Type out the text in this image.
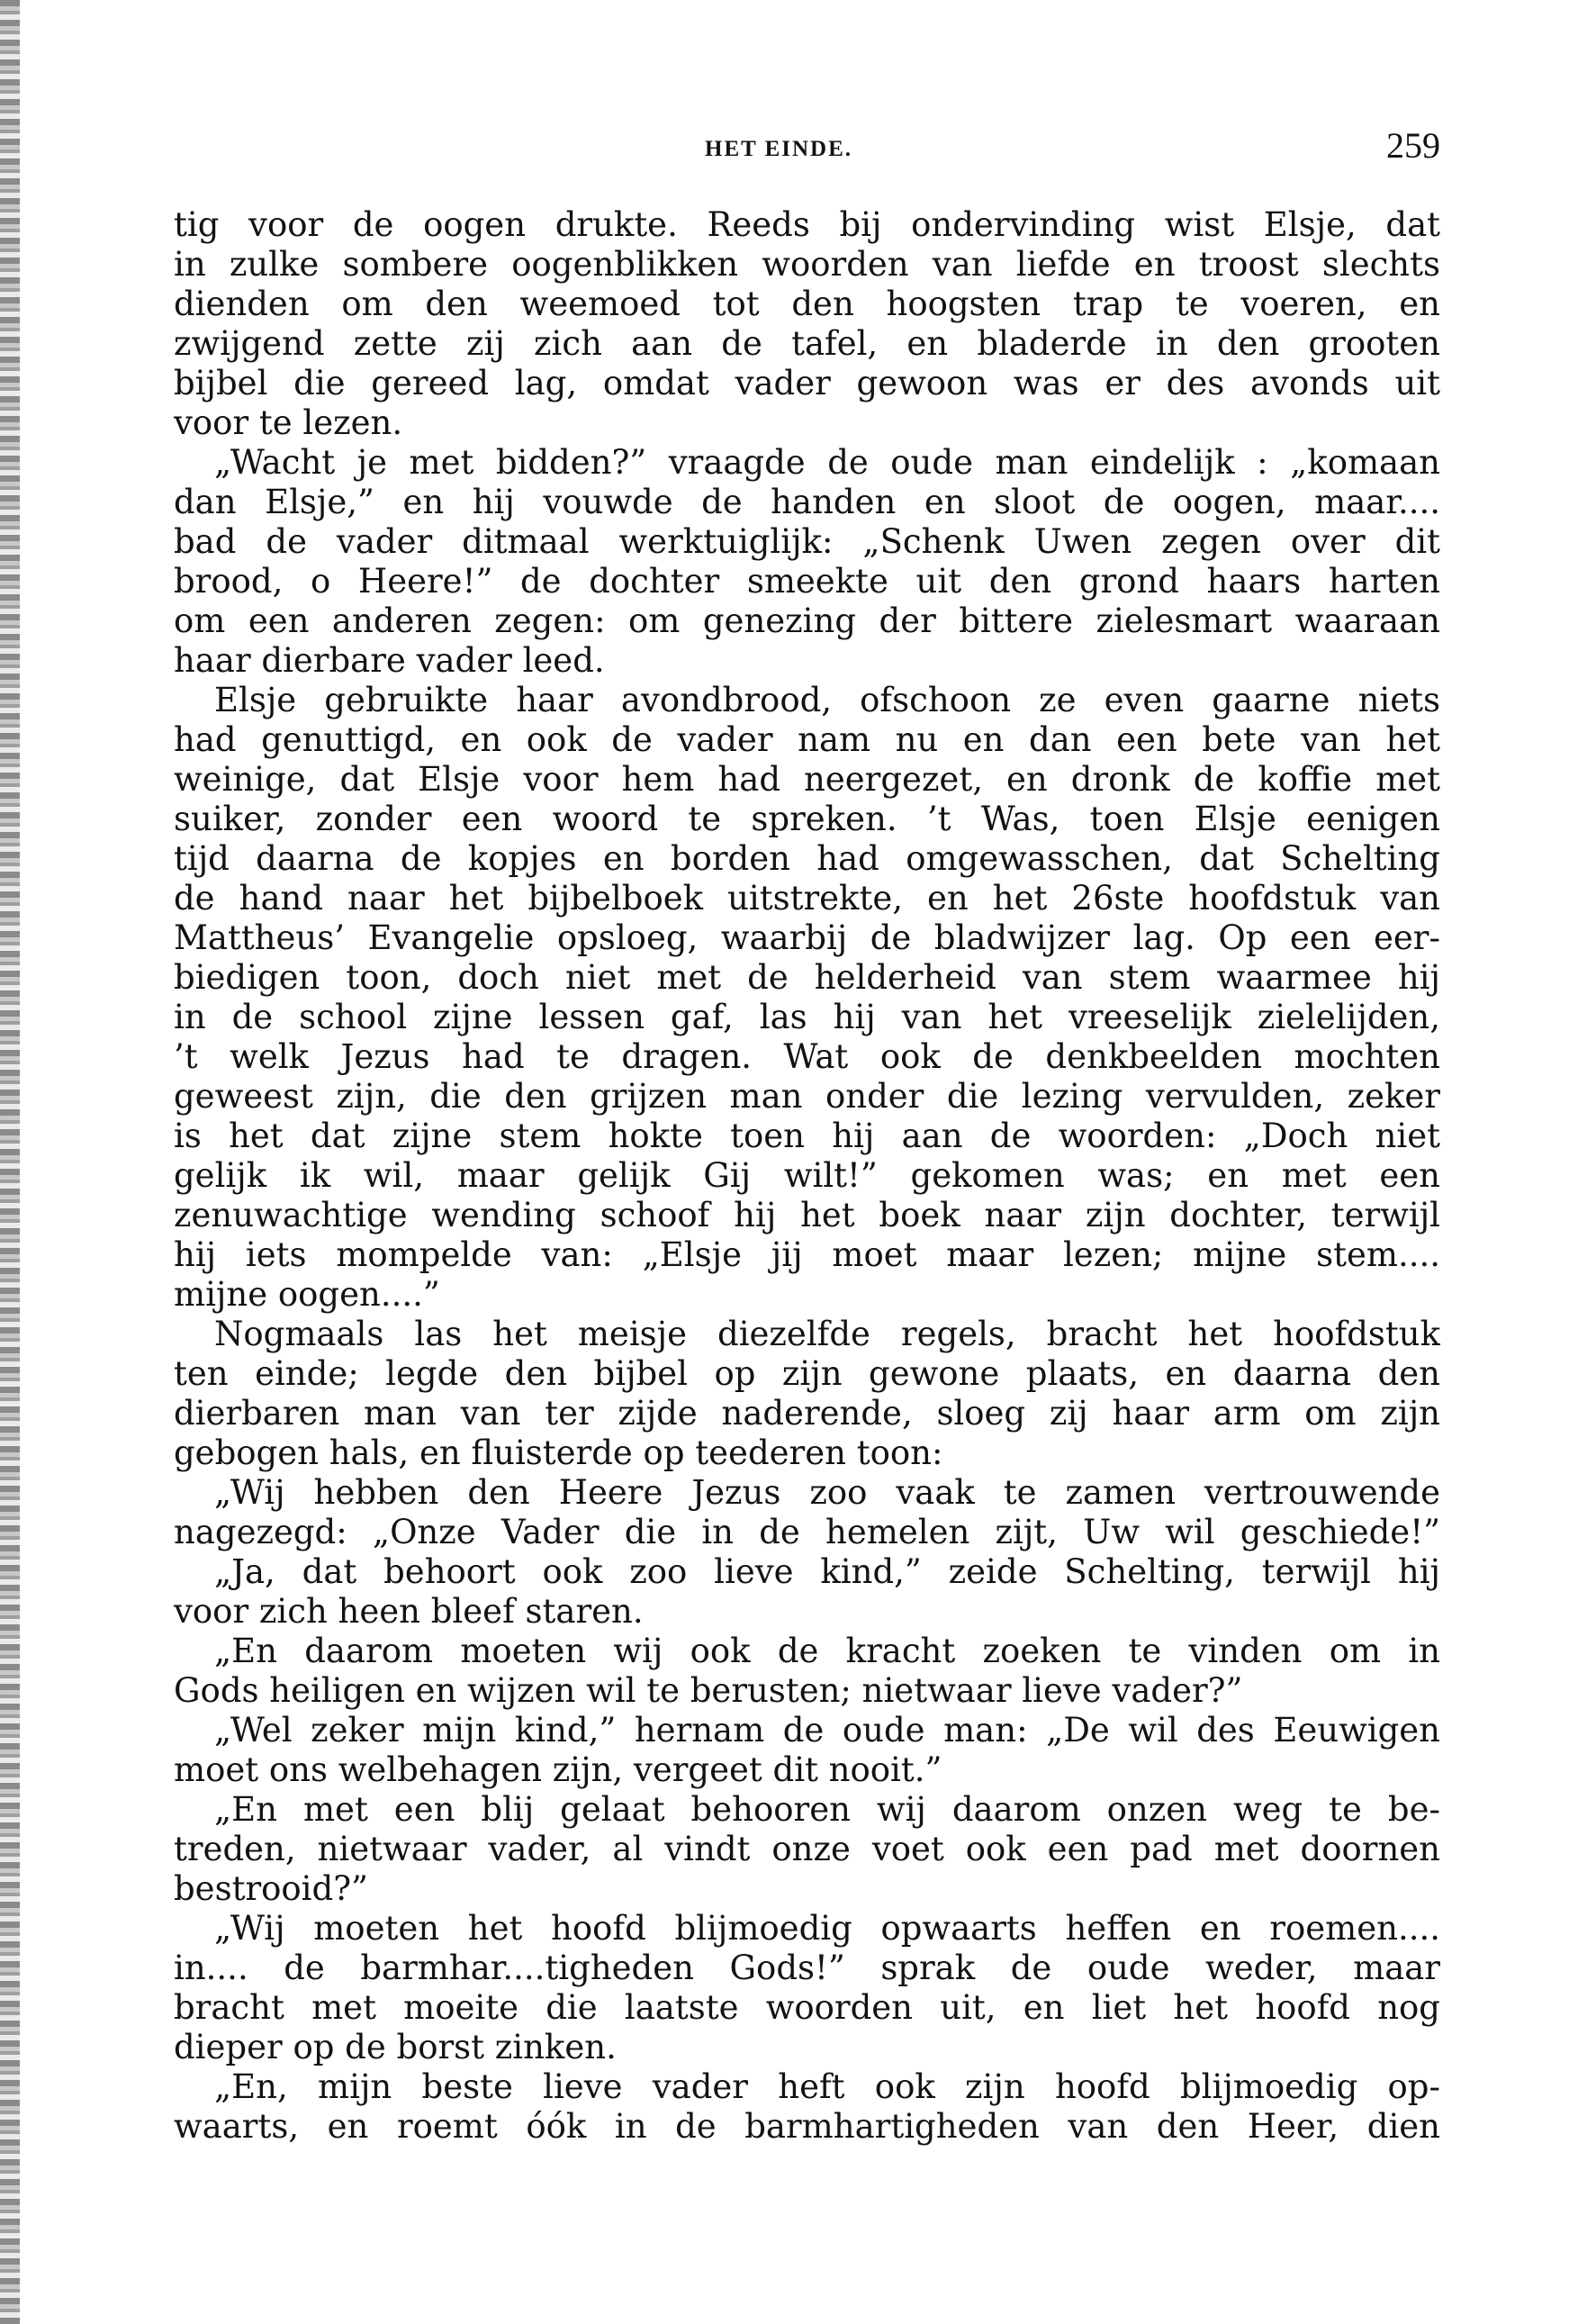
HET EINDE.	259
tig voor de oogen drukte. Reeds bij ondervinding wist Elsje, dat
in zulke sombere oogenblikken woorden van liefde en troost slechts
dienden om den weemoed tot den hoogsten trap te voeren, en
zwijgend zette zij zich aan de tafel, en bladerde in den grooten
bijbel die gereed lag, omdat vader gewoon was er des avonds uit
voor te lezen.
„Wacht je met bidden?” vraagde de oude man eindelijk : „komaan
dan Elsje,” en hij vouwde de handen en sloot de oogen, maar....
bad de vader ditmaal werktuiglijk: „Schenk Uwen zegen over dit
brood, o Heere!” de dochter smeekte uit den grond haars harten
om een anderen zegen: om genezing der bittere zielesmart waaraan
haar dierbare vader leed.
Elsje gebruikte haar avondbrood, ofschoon ze even gaarne niets
had genuttigd, en ook de vader nam nu en dan een bete van het
weinige, dat Elsje voor hem had neergezet, en dronk de koffie met
suiker, zonder een woord te spreken. ’t Was, toen Elsje eenigen
tijd daarna de kopjes en borden had omgewasschen, dat Schelting
de hand naar het bijbelboek uitstrekte, en het 26ste hoofdstuk van
Mattheus’ Evangelie opsloeg, waarbij de bladwijzer lag. Op een eer-
biedigen toon, doch niet met de helderheid van stem waarmee hij
in de school zijne lessen gaf, las hij van het vreeselijk zielelijden,
’t welk Jezus had te dragen. Wat ook de denkbeelden mochten
geweest zijn, die den grijzen man onder die lezing vervulden, zeker
is het dat zijne stem hokte toen hij aan de woorden: „Doch niet
gelijk ik wil, maar gelijk Gij wilt!” gekomen was; en met een
zenuwachtige wending schoof hij het boek naar zijn dochter, terwijl
hij iets mompelde van: „Elsje jij moet maar lezen; mijne stem....
mijne oogen....”
Nogmaals las het meisje diezelfde regels, bracht het hoofdstuk
ten einde; legde den bijbel op zijn gewone plaats, en daarna den
dierbaren man van ter zijde naderende, sloeg zij haar arm om zijn
gebogen hals, en fluisterde op teederen toon:
„Wij hebben den Heere Jezus zoo vaak te zamen vertrouwende
nagezegd: „Onze Vader die in de hemelen zijt, Uw wil geschiede!”
„Ja, dat behoort ook zoo lieve kind,” zeide Schelting, terwijl hij
voor zich heen bleef staren.
„En daarom moeten wij ook de kracht zoeken te vinden om in
Gods heiligen en wijzen wil te berusten; nietwaar lieve vader?”
„Wel zeker mijn kind,” hernam de oude man: „De wil des Eeuwigen
moet ons welbehagen zijn, vergeet dit nooit.”
„En met een blij gelaat behooren wij daarom onzen weg te be-
treden, nietwaar vader, al vindt onze voet ook een pad met doornen
bestrooid?”
„Wij moeten het hoofd blijmoedig opwaarts heffen en roemen....
in.... de barmhar....tigheden Gods!” sprak de oude weder, maar
bracht met moeite die laatste woorden uit, en liet het hoofd nog
dieper op de borst zinken.
„En, mijn beste lieve vader heft ook zijn hoofd blijmoedig op-
waarts, en roemt óók in de barmhartigheden van den Heer, dien
